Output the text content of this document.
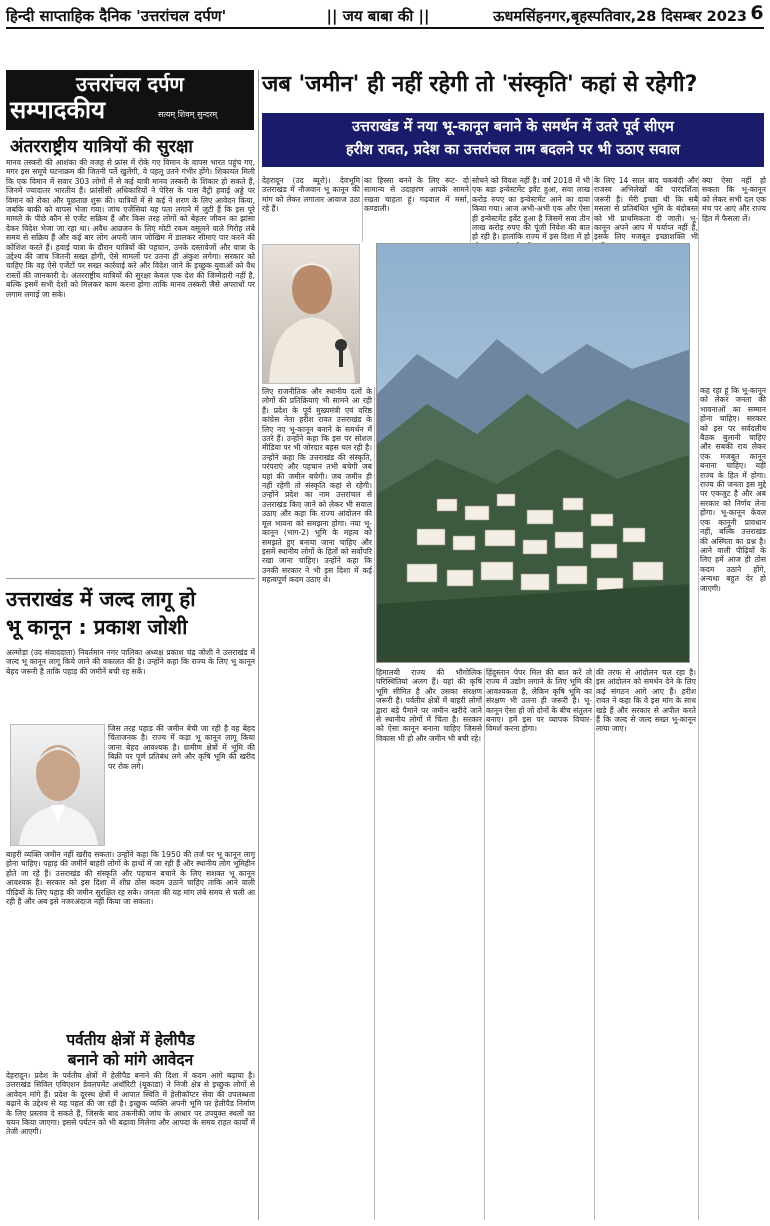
हिन्दी साप्ताहिक दैनिक 'उत्तरांचल दर्पण'	|| जय बाबा की ||	ऊधमसिंहनगर,बृहस्पतिवार,28 दिसम्बर 2023 6
उत्तरांचल दर्पण
सम्पादकीय	सत्यम् शिवम् सुन्दरम्
अंतरराष्ट्रीय यात्रियों की सुरक्षा
मानव तस्करी की आशंका की वजह से फ्रांस में रोके गए विमान के वापस भारत पहुंच गए, मगर इस समूचे घटनाक्रम की जितनी पर्ते खुलेंगी, वे पहलू उतने गंभीर होंगे। शिकायत मिली कि एक विमान में सवार 303 लोगों में से कई यात्री मानव तस्करी के शिकार हो सकते हैं, जिनमें ज्यादातर भारतीय हैं। फ्रांसीसी अधिकारियों ने पेरिस के पास वैट्री हवाई अड्डे पर विमान को रोका और पूछताछ शुरू की। यात्रियों में से कई ने शरण के लिए आवेदन किया, जबकि बाकी को वापस भेजा गया। जांच एजेंसियां यह पता लगाने में जुटी हैं कि इस पूरे मामले के पीछे कौन से एजेंट सक्रिय हैं और किस तरह लोगों को बेहतर जीवन का झांसा देकर विदेश भेजा जा रहा था। अवैध आव्रजन के लिए मोटी रकम वसूलने वाले गिरोह लंबे समय से सक्रिय हैं और कई बार लोग अपनी जान जोखिम में डालकर सीमाएं पार करने की कोशिश करते हैं। हवाई यात्रा के दौरान यात्रियों की पहचान, उनके दस्तावेजों और यात्रा के उद्देश्य की जांच जितनी सख्त होगी, ऐसे मामलों पर उतना ही अंकुश लगेगा। सरकार को चाहिए कि वह ऐसे एजेंटों पर सख्त कार्रवाई करे और विदेश जाने के इच्छुक युवाओं को वैध रास्तों की जानकारी दे। अंतरराष्ट्रीय यात्रियों की सुरक्षा केवल एक देश की जिम्मेदारी नहीं है, बल्कि इसमें सभी देशों को मिलकर काम करना होगा ताकि मानव तस्करी जैसे अपराधों पर लगाम लगाई जा सके।
उत्तराखंड में जल्द लागू हो
भू कानून : प्रकाश जोशी
अल्मोड़ा (उद संवाददाता) निवर्तमान नगर पालिका अध्यक्ष प्रकाश चंद्र जोशी ने उत्तराखंड में जल्द भू कानून लागू किये जाने की वकालत की है। उन्होंने कहा कि राज्य के लिए भू कानून बेहद जरूरी है ताकि पहाड़ की जमीनें बची रह सकें।
जिस तरह पहाड़ की जमीन बेची जा रही है वह बेहद चिंताजनक है। राज्य में कड़ा भू कानून लागू किया जाना बेहद आवश्यक है। ग्रामीण क्षेत्रों में भूमि की बिक्री पर पूर्ण प्रतिबंध लगे और कृषि भूमि की खरीद पर रोक लगे।
बाहरी व्यक्ति जमीन नहीं खरीद सकता। उन्होंने कहा कि 1950 की तर्ज पर भू कानून लागू होना चाहिए। पहाड़ की जमीनें बाहरी लोगों के हाथों में जा रही हैं और स्थानीय लोग भूमिहीन होते जा रहे हैं। उत्तराखंड की संस्कृति और पहचान बचाने के लिए सशक्त भू कानून आवश्यक है। सरकार को इस दिशा में शीघ्र ठोस कदम उठाने चाहिए ताकि आने वाली पीढ़ियों के लिए पहाड़ की जमीन सुरक्षित रह सके। जनता की यह मांग लंबे समय से चली आ रही है और अब इसे नजरअंदाज नहीं किया जा सकता।
पर्वतीय क्षेत्रों में हेलीपैड
बनाने को मांगे आवेदन
देहरादून। प्रदेश के पर्वतीय क्षेत्रों में हेलीपैड बनाने की दिशा में कदम आगे बढ़ाया है। उत्तराखंड सिविल एविएशन डेवलपमेंट अथॉरिटी (यूकाडा) ने निजी क्षेत्र से इच्छुक लोगों से आवेदन मांगे हैं। प्रदेश के दूरस्थ क्षेत्रों में आपात स्थिति में हेलीकॉप्टर सेवा की उपलब्धता बढ़ाने के उद्देश्य से यह पहल की जा रही है। इच्छुक व्यक्ति अपनी भूमि पर हेलीपैड निर्माण के लिए प्रस्ताव दे सकते हैं, जिसके बाद तकनीकी जांच के आधार पर उपयुक्त स्थलों का चयन किया जाएगा। इससे पर्यटन को भी बढ़ावा मिलेगा और आपदा के समय राहत कार्यों में तेजी आएगी।
जब 'जमीन' ही नहीं रहेगी तो 'संस्कृति' कहां से रहेगी?
उत्तराखंड में नया भू-कानून बनाने के समर्थन में उतरे पूर्व सीएम
हरीश रावत, प्रदेश का उत्तरांचल नाम बदलने पर भी उठाए सवाल
देहरादून (उद ब्यूरो)। देवभूमि उत्तराखंड में नौजवान भू कानून की मांग को लेकर लगातार आवाज उठा रहे हैं।
का हिस्सा बनने के लिए रूट- दो सामान्य से उदाहरण आपके सामने रखता चाहता हूं। गढ़वाल में मर्सा, कण्डाली।
सोचने को विवश नहीं है। वर्ष 2018 में भी एक बड़ा इन्वेस्टमेंट इवेंट हुआ, सवा लाख करोड़ रुपए का इन्वेस्टमेंट आने का दावा किया गया। आज अभी-अभी एक और ऐसा ही इन्वेस्टमेंट इवेंट हुआ है जिसमें सवा तीन लाख करोड़ रुपए की पूंजी निवेश की बात हो रही है। हालांकि राज्य में इस दिशा में हो
के लिए 14 साल बाद चकबंदी और राजस्व अभिलेखों की पारदर्शिता जरूरी है। मेरी इच्छा थी कि सबै मसला से प्रतिबंधित भूमि के बंदोबस्त को भी प्राथमिकता दी जाती। भू-कानून अपने आप में पर्याप्त नहीं है, इसके लिए मजबूत इच्छाशक्ति भी
क्या ऐसा नहीं हो सकता कि भू-कानून को लेकर सभी दल एक मंच पर आएं और राज्य हित में फैसला लें।
लिए राजनीतिक और स्थानीय दलों के लोगों की प्रतिक्रियाएं भी सामने आ रही हैं। प्रदेश के पूर्व मुख्यमंत्री एवं वरिष्ठ कांग्रेस नेता हरीश रावत उत्तराखंड के लिए नए भू-कानून बनाने के समर्थन में उतरे हैं। उन्होंने कहा कि इस पर सोशल मीडिया पर भी जोरदार बहस चल रही है। उन्होंने कहा कि उत्तराखंड की संस्कृति, परंपराएं और पहचान तभी बचेगी जब यहां की जमीन बचेगी। जब जमीन ही नहीं रहेगी तो संस्कृति कहां से रहेगी। उन्होंने प्रदेश का नाम उत्तरांचल से उत्तराखंड किए जाने को लेकर भी सवाल उठाए और कहा कि राज्य आंदोलन की मूल भावना को समझना होगा। नया भू-कानून (भाग-2) भूमि के महत्व को समझते हुए बनाया जाना चाहिए और इसमें स्थानीय लोगों के हितों को सर्वोपरि रखा जाना चाहिए। उन्होंने कहा कि उनकी सरकार ने भी इस दिशा में कई महत्वपूर्ण कदम उठाए थे।
हिमालयी राज्य की भौगोलिक परिस्थितियां अलग हैं। यहां की कृषि भूमि सीमित है और उसका संरक्षण जरूरी है। पर्वतीय क्षेत्रों में बाहरी लोगों द्वारा बड़े पैमाने पर जमीन खरीदे जाने से स्थानीय लोगों में चिंता है। सरकार को ऐसा कानून बनाना चाहिए जिससे विकास भी हो और जमीन भी बची रहे।
हिंदुस्तान पेपर मिल की बात करें तो राज्य में उद्योग लगाने के लिए भूमि की आवश्यकता है, लेकिन कृषि भूमि का संरक्षण भी उतना ही जरूरी है। भू-कानून ऐसा हो जो दोनों के बीच संतुलन बनाए। हमें इस पर व्यापक विचार-विमर्श करना होगा।
की तरफ से आंदोलन चल रहा है। इस आंदोलन को समर्थन देने के लिए कई संगठन आगे आए हैं। हरीश रावत ने कहा कि वे इस मांग के साथ खड़े हैं और सरकार से अपील करते हैं कि जल्द से जल्द सख्त भू-कानून लाया जाए।
कह रहा हूं कि भू-कानून को लेकर जनता की भावनाओं का सम्मान होना चाहिए। सरकार को इस पर सर्वदलीय बैठक बुलानी चाहिए और सबकी राय लेकर एक मजबूत कानून बनाना चाहिए। यही राज्य के हित में होगा। राज्य की जनता इस मुद्दे पर एकजुट है और अब सरकार को निर्णय लेना होगा। भू-कानून केवल एक कानूनी प्रावधान नहीं, बल्कि उत्तराखंड की अस्मिता का प्रश्न है। आने वाली पीढ़ियों के लिए हमें आज ही ठोस कदम उठाने होंगे, अन्यथा बहुत देर हो जाएगी।
